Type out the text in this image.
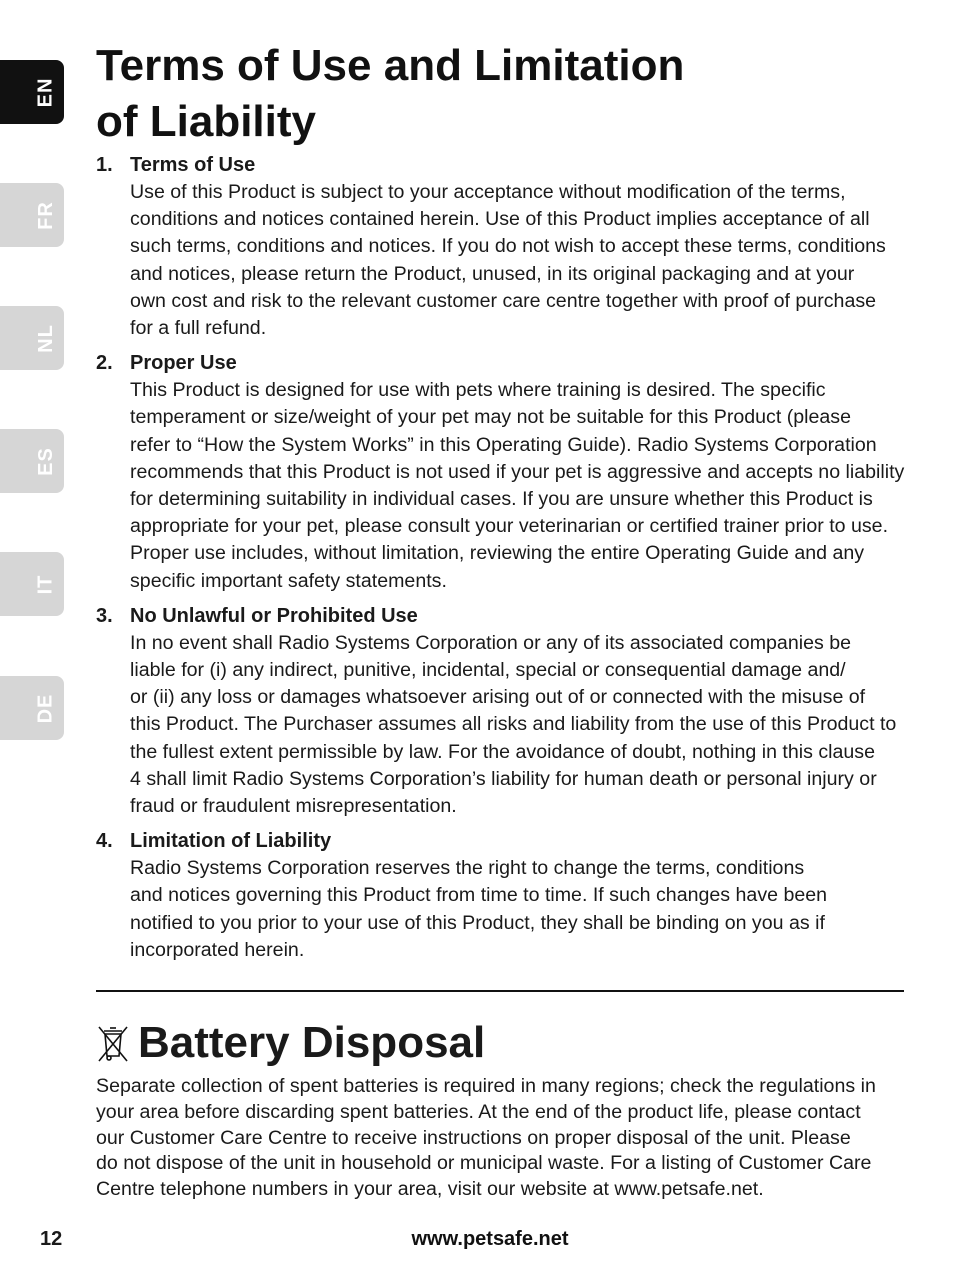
EN
FR
NL
ES
IT
DE
Terms of Use and Limitation
of Liability
1. Terms of Use
Use of this Product is subject to your acceptance without modification of the terms,
conditions and notices contained herein. Use of this Product implies acceptance of all
such terms, conditions and notices. If you do not wish to accept these terms, conditions
and notices, please return the Product, unused, in its original packaging and at your
own cost and risk to the relevant customer care centre together with proof of purchase
for a full refund.
2. Proper Use
This Product is designed for use with pets where training is desired. The specific
temperament or size/weight of your pet may not be suitable for this Product (please
refer to “How the System Works” in this Operating Guide). Radio Systems Corporation
recommends that this Product is not used if your pet is aggressive and accepts no liability
for determining suitability in individual cases. If you are unsure whether this Product is
appropriate for your pet, please consult your veterinarian or certified trainer prior to use.
Proper use includes, without limitation, reviewing the entire Operating Guide and any
specific important safety statements.
3. No Unlawful or Prohibited Use
In no event shall Radio Systems Corporation or any of its associated companies be
liable for (i) any indirect, punitive, incidental, special or consequential damage and/
or (ii) any loss or damages whatsoever arising out of or connected with the misuse of
this Product. The Purchaser assumes all risks and liability from the use of this Product to
the fullest extent permissible by law. For the avoidance of doubt, nothing in this clause
4 shall limit Radio Systems Corporation’s liability for human death or personal injury or
fraud or fraudulent misrepresentation.
4. Limitation of Liability
Radio Systems Corporation reserves the right to change the terms, conditions
and notices governing this Product from time to time. If such changes have been
notified to you prior to your use of this Product, they shall be binding on you as if
incorporated herein.
Battery Disposal
Separate collection of spent batteries is required in many regions; check the regulations in
your area before discarding spent batteries. At the end of the product life, please contact
our Customer Care Centre to receive instructions on proper disposal of the unit. Please
do not dispose of the unit in household or municipal waste. For a listing of Customer Care
Centre telephone numbers in your area, visit our website at www.petsafe.net.
12	www.petsafe.net
